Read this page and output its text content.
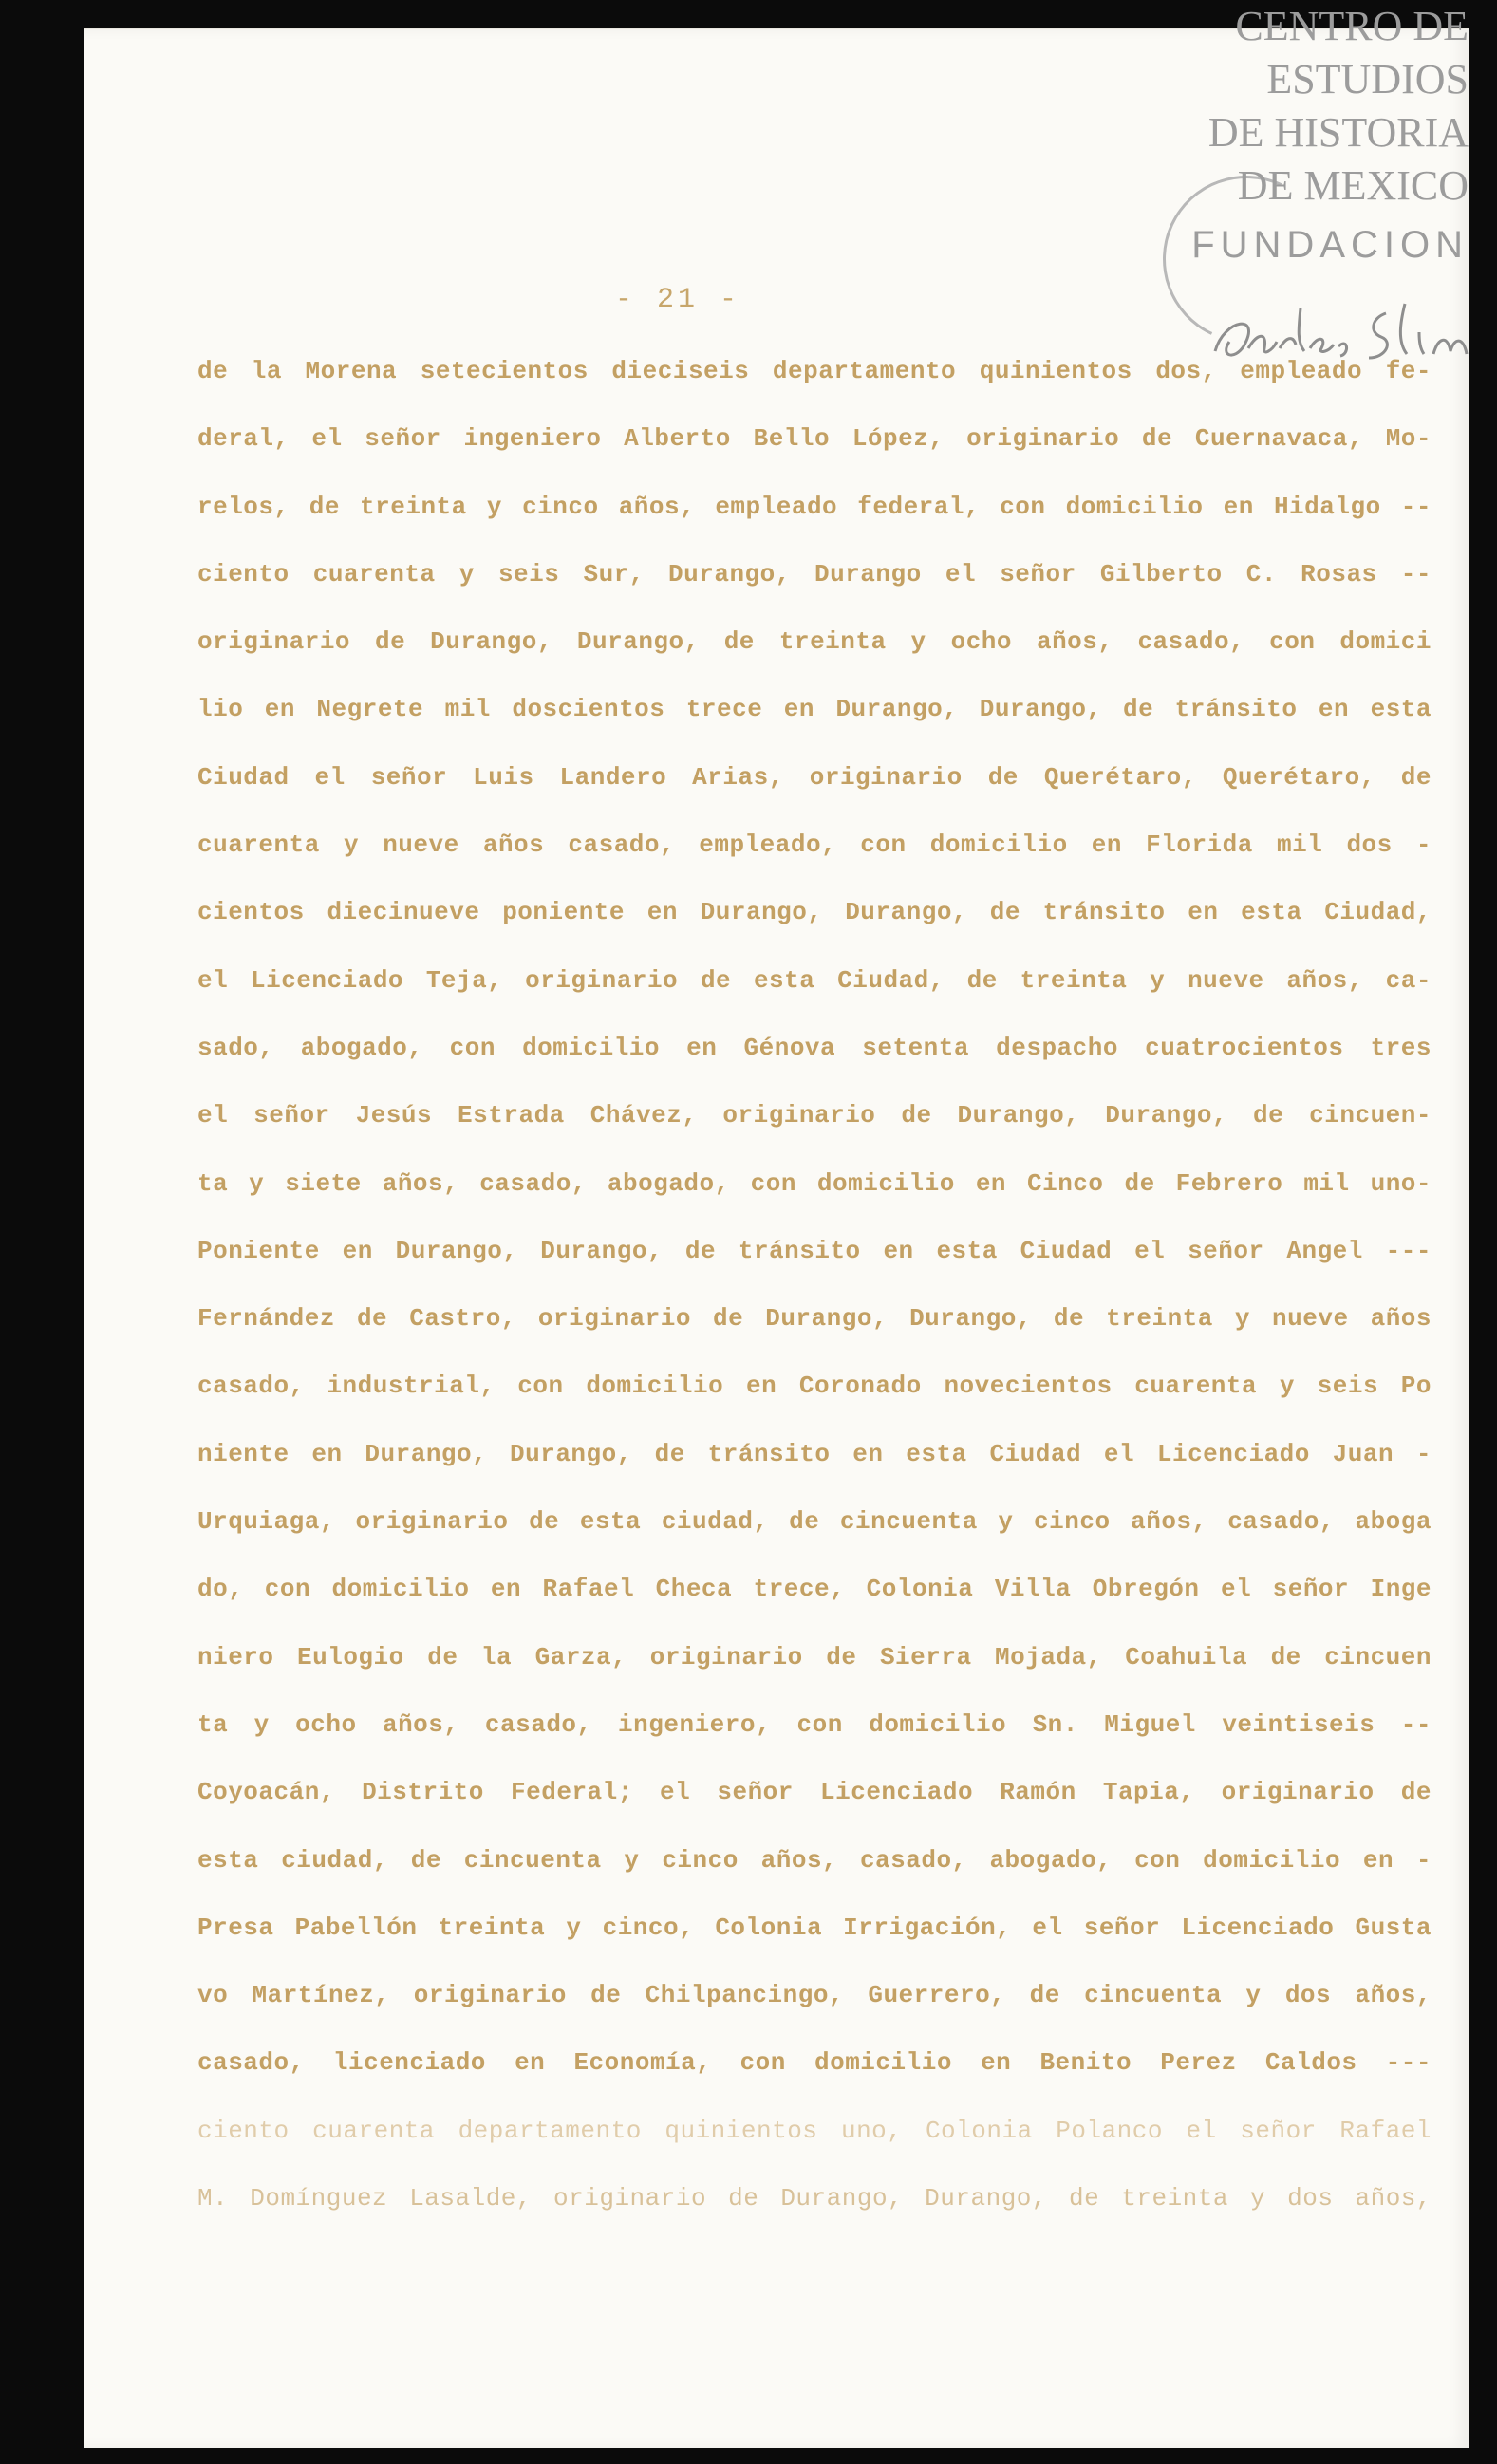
- 21 -
de la Morena setecientos dieciseis departamento quinientos dos, empleado fe-
deral, el señor ingeniero Alberto Bello López, originario de Cuernavaca, Mo-
relos, de treinta y cinco años, empleado federal, con domicilio en Hidalgo --
ciento cuarenta y seis Sur, Durango, Durango el señor Gilberto C. Rosas --
originario de Durango, Durango, de treinta y ocho años, casado, con domici
lio en Negrete mil doscientos trece en Durango, Durango, de tránsito en esta
Ciudad el señor Luis Landero Arias, originario de Querétaro, Querétaro, de
cuarenta y nueve años casado, empleado, con domicilio en Florida mil dos -
cientos diecinueve poniente en Durango, Durango, de tránsito en esta Ciudad,
el Licenciado Teja, originario de esta Ciudad, de treinta y nueve años, ca-
sado, abogado, con domicilio en Génova setenta despacho cuatrocientos tres
el señor Jesús Estrada Chávez, originario de Durango, Durango, de cincuen-
ta y siete años, casado, abogado, con domicilio en Cinco de Febrero mil uno-
Poniente en Durango, Durango, de tránsito en esta Ciudad el señor Angel ---
Fernández de Castro, originario de Durango, Durango, de treinta y nueve años
casado, industrial, con domicilio en Coronado novecientos cuarenta y seis Po
niente en Durango, Durango, de tránsito en esta Ciudad el Licenciado Juan -
Urquiaga, originario de esta ciudad, de cincuenta y cinco años, casado, aboga
do, con domicilio en Rafael Checa trece, Colonia Villa Obregón el señor Inge
niero Eulogio de la Garza, originario de Sierra Mojada, Coahuila de cincuen
ta y ocho años, casado, ingeniero, con domicilio Sn. Miguel veintiseis --
Coyoacán, Distrito Federal; el señor Licenciado Ramón Tapia, originario de
esta ciudad, de cincuenta y cinco años, casado, abogado, con domicilio en -
Presa Pabellón treinta y cinco, Colonia Irrigación, el señor Licenciado Gusta
vo Martínez, originario de Chilpancingo, Guerrero, de cincuenta y dos años,
casado, licenciado en Economía, con domicilio en Benito Perez Caldos ---
ciento cuarenta departamento quinientos uno, Colonia Polanco el señor Rafael
M. Domínguez Lasalde, originario de Durango, Durango, de treinta y dos años,
CENTRO DE
ESTUDIOS
DE HISTORIA
DE MEXICO
FUNDACION
